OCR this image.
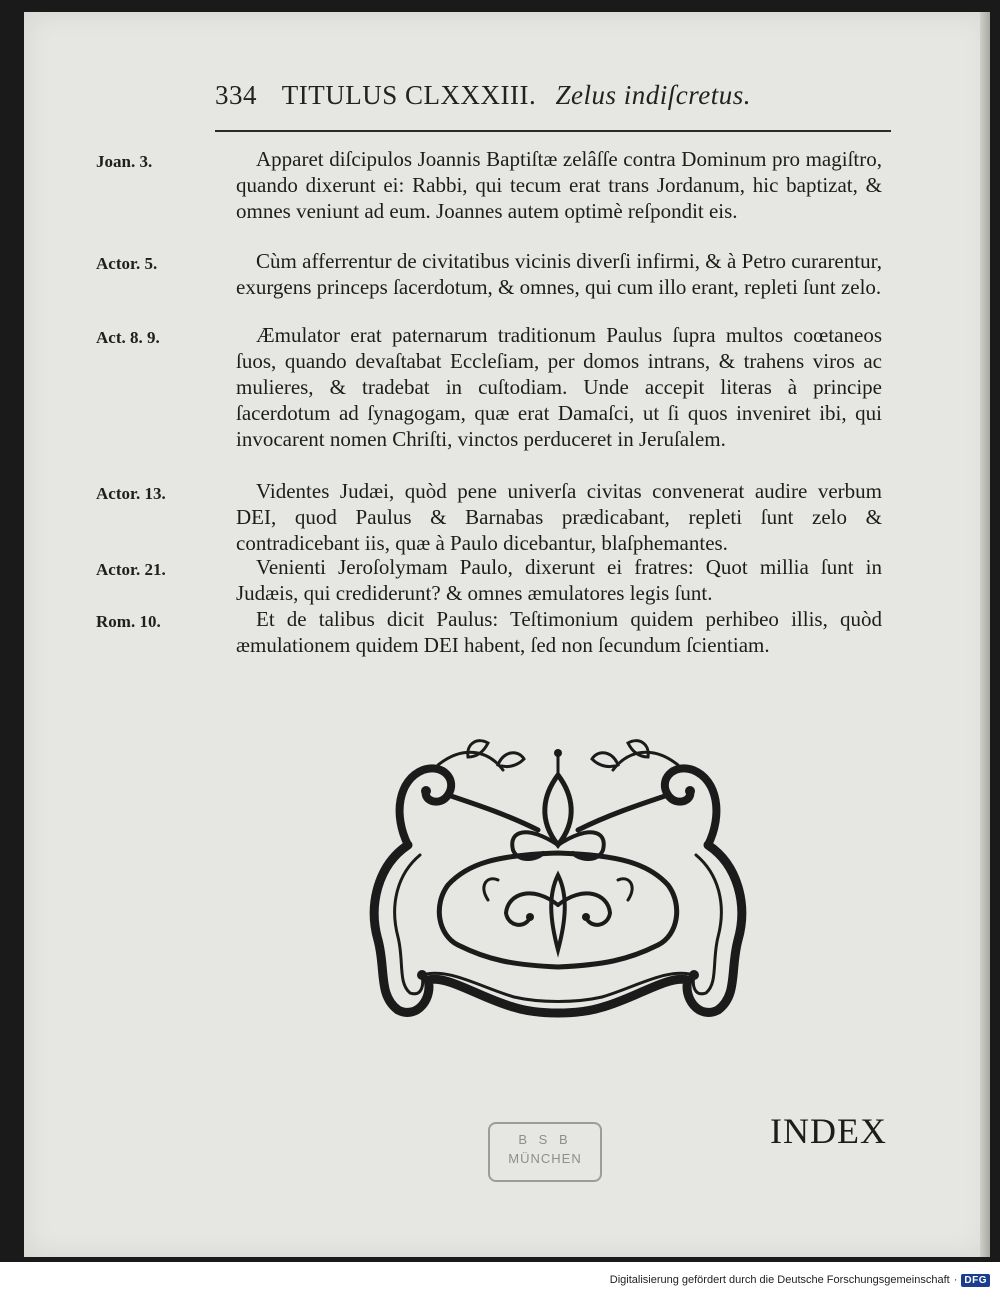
334 TITULUS CLXXXIII. Zelus indiſcretus.
Joan. 3.	Apparet diſcipulos Joannis Baptiſtæ zelâſſe contra Dominum pro magiſtro, quando dixerunt ei: Rabbi, qui tecum erat trans Jordanum, hic baptizat, & omnes veniunt ad eum. Joannes autem optimè reſpondit eis.
Actor. 5.	Cùm afferrentur de civitatibus vicinis diverſi infirmi, & à Petro curarentur, exurgens princeps ſacerdotum, & omnes, qui cum illo erant, repleti ſunt zelo.
Act. 8. 9.	Æmulator erat paternarum traditionum Paulus ſupra multos coœtaneos ſuos, quando devaſtabat Eccleſiam, per domos intrans, & trahens viros ac mulieres, & tradebat in cuſtodiam. Unde accepit literas à principe ſacerdotum ad ſynagogam, quæ erat Damaſci, ut ſi quos inveniret ibi, qui invocarent nomen Chriſti, vinctos perduceret in Jeruſalem.
Actor. 13.	Videntes Judæi, quòd pene univerſa civitas convenerat audire verbum DEI, quod Paulus & Barnabas prædicabant, repleti ſunt zelo & contradicebant iis, quæ à Paulo dicebantur, blaſphemantes.
Actor. 21.	Venienti Jeroſolymam Paulo, dixerunt ei fratres: Quot millia ſunt in Judæis, qui crediderunt? & omnes æmulatores legis ſunt.
Rom. 10.	Et de talibus dicit Paulus: Teſtimonium quidem perhibeo illis, quòd æmulationem quidem DEI habent, ſed non ſecundum ſcientiam.
INDEX
B S B
MÜNCHEN
Digitalisierung gefördert durch die Deutsche Forschungsgemeinschaft · DFG
